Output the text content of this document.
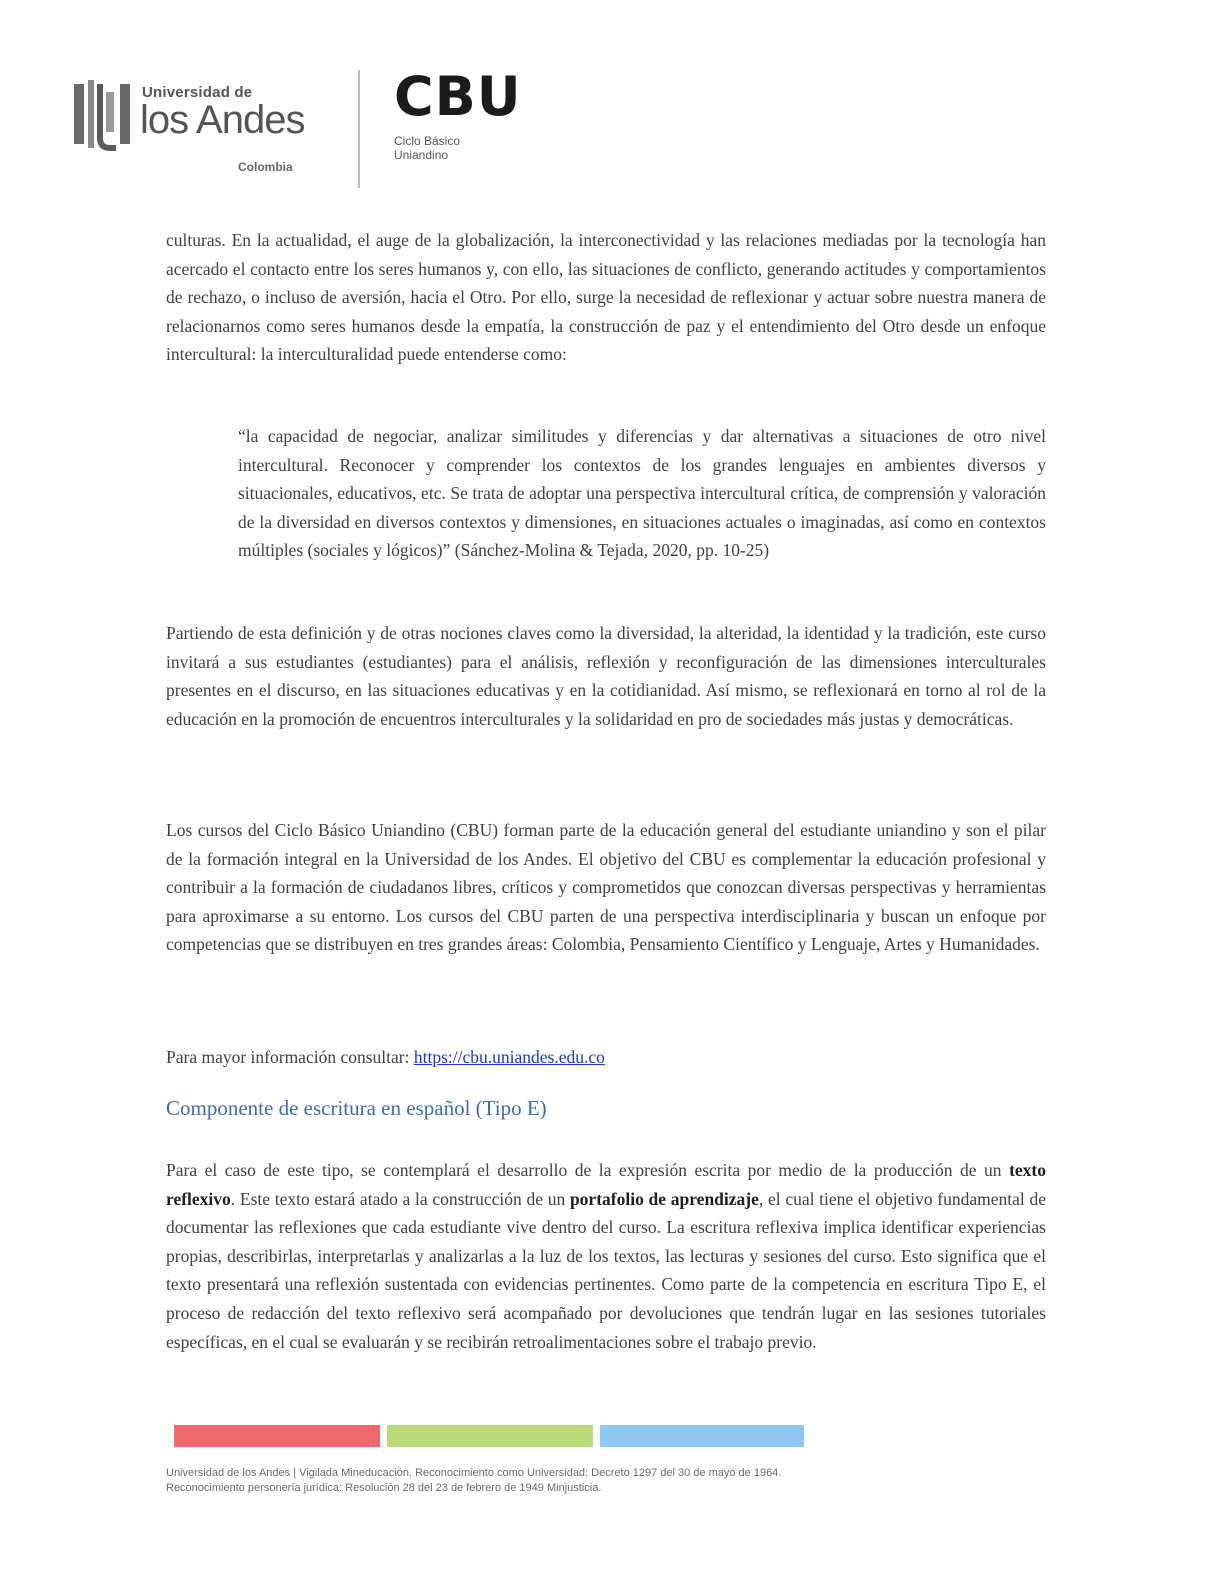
Universidad de
los Andes
Colombia
CBU
Ciclo Básico
Uniandino

culturas. En la actualidad, el auge de la globalización, la interconectividad y las relaciones mediadas por la tecnología han acercado el contacto entre los seres humanos y, con ello, las situaciones de conflicto, generando actitudes y comportamientos de rechazo, o incluso de aversión, hacia el Otro. Por ello, surge la necesidad de reflexionar y actuar sobre nuestra manera de relacionarnos como seres humanos desde la empatía, la construcción de paz y el entendimiento del Otro desde un enfoque intercultural: la interculturalidad puede entenderse como:

“la capacidad de negociar, analizar similitudes y diferencias y dar alternativas a situaciones de otro nivel intercultural. Reconocer y comprender los contextos de los grandes lenguajes en ambientes diversos y situacionales, educativos, etc. Se trata de adoptar una perspectiva intercultural crítica, de comprensión y valoración de la diversidad en diversos contextos y dimensiones, en situaciones actuales o imaginadas, así como en contextos múltiples (sociales y lógicos)” (Sánchez-Molina & Tejada, 2020, pp. 10-25)

Partiendo de esta definición y de otras nociones claves como la diversidad, la alteridad, la identidad y la tradición, este curso invitará a sus estudiantes (estudiantes) para el análisis, reflexión y reconfiguración de las dimensiones interculturales presentes en el discurso, en las situaciones educativas y en la cotidianidad. Así mismo, se reflexionará en torno al rol de la educación en la promoción de encuentros interculturales y la solidaridad en pro de sociedades más justas y democráticas.

Los cursos del Ciclo Básico Uniandino (CBU) forman parte de la educación general del estudiante uniandino y son el pilar de la formación integral en la Universidad de los Andes. El objetivo del CBU es complementar la educación profesional y contribuir a la formación de ciudadanos libres, críticos y comprometidos que conozcan diversas perspectivas y herramientas para aproximarse a su entorno. Los cursos del CBU parten de una perspectiva interdisciplinaria y buscan un enfoque por competencias que se distribuyen en tres grandes áreas: Colombia, Pensamiento Científico y Lenguaje, Artes y Humanidades.

Para mayor información consultar: https://cbu.uniandes.edu.co

Componente de escritura en español (Tipo E)

Para el caso de este tipo, se contemplará el desarrollo de la expresión escrita por medio de la producción de un texto reflexivo. Este texto estará atado a la construcción de un portafolio de aprendizaje, el cual tiene el objetivo fundamental de documentar las reflexiones que cada estudiante vive dentro del curso. La escritura reflexiva implica identificar experiencias propias, describirlas, interpretarlas y analizarlas a la luz de los textos, las lecturas y sesiones del curso. Esto significa que el texto presentará una reflexión sustentada con evidencias pertinentes. Como parte de la competencia en escritura Tipo E, el proceso de redacción del texto reflexivo será acompañado por devoluciones que tendrán lugar en las sesiones tutoriales específicas, en el cual se evaluarán y se recibirán retroalimentaciones sobre el trabajo previo.

Universidad de los Andes | Vigilada Mineducación. Reconocimiento como Universidad: Decreto 1297 del 30 de mayo de 1964.
Reconocimiento personería jurídica: Resolución 28 del 23 de febrero de 1949 Minjusticia.
